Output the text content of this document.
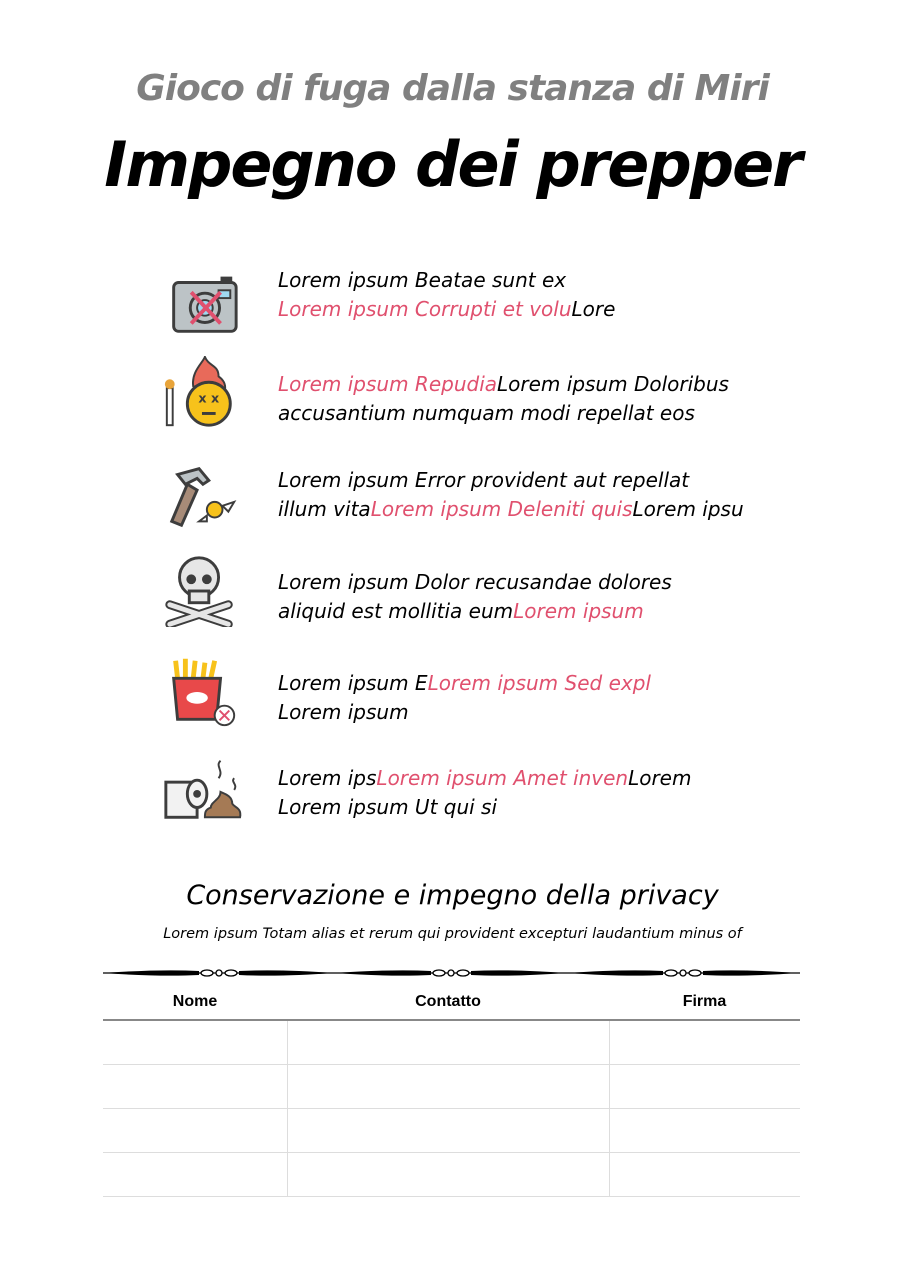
Gioco di fuga dalla stanza di Miri
Impegno dei prepper
Lorem ipsum Beatae sunt ex
Lorem ipsum Corrupti et voluLore
x x
Lorem ipsum RepudiaLorem ipsum Doloribus
accusantium numquam modi repellat eos
Lorem ipsum Error provident aut repellat
illum vitaLorem ipsum Deleniti quisLorem ipsu
Lorem ipsum Dolor recusandae dolores
aliquid est mollitia eumLorem ipsum
Lorem ipsum ELorem ipsum Sed expl
Lorem ipsum
Lorem ipsLorem ipsum Amet invenLorem
Lorem ipsum Ut qui si
Conservazione e impegno della privacy
Lorem ipsum Totam alias et rerum qui provident excepturi laudantium minus of
Nome	Contatto	Firma
